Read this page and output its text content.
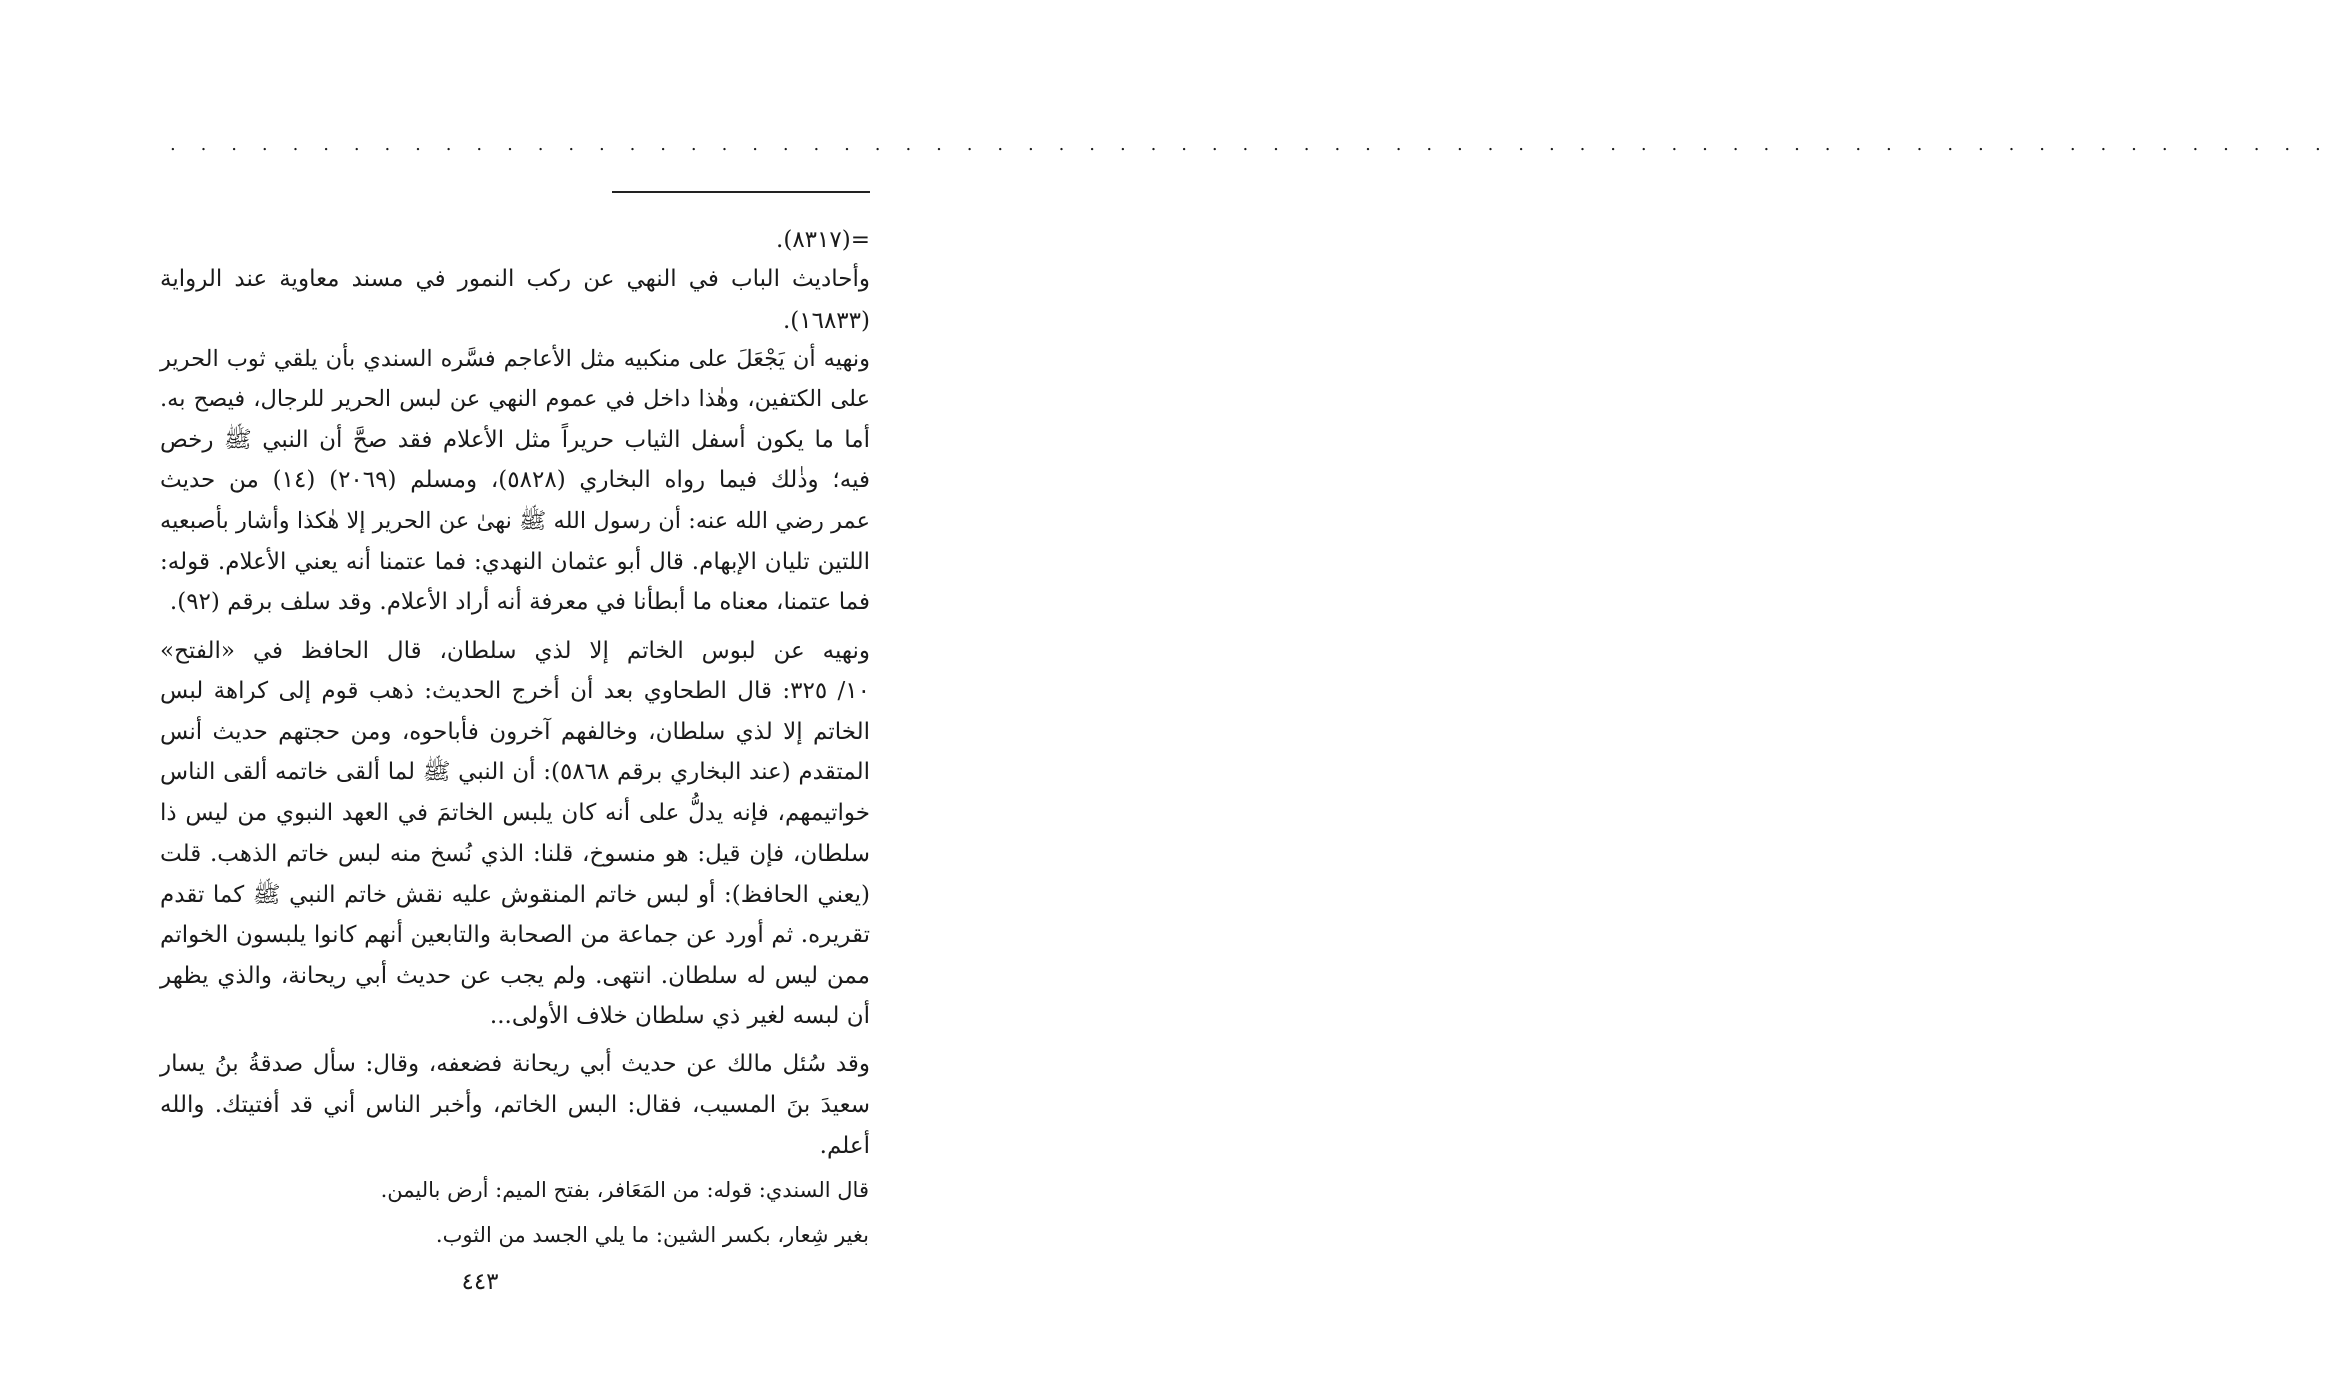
. . . . . . . . . . . . . . . . . . . . . . . . . . . . . . . . . . . . . . . . . . . . . . . . . . . . . . . . . . . . . . . . . . . . . . .
=(٨٣١٧).
وأحاديث الباب في النهي عن ركب النمور في مسند معاوية عند الرواية
(١٦٨٣٣).
ونهيه أن يَجْعَلَ على منكبيه مثل الأعاجم فسَّره السندي بأن يلقي ثوب الحرير
على الكتفين، وهٰذا داخل في عموم النهي عن لبس الحرير للرجال، فيصح به.
أما ما يكون أسفل الثياب حريراً مثل الأعلام فقد صحَّ أن النبي ﷺ رخص
فيه؛ وذٰلك فيما رواه البخاري (٥٨٢٨)، ومسلم (٢٠٦٩) (١٤) من حديث
عمر رضي الله عنه: أن رسول الله ﷺ نهىٰ عن الحرير إلا هٰكذا وأشار بأصبعيه
اللتين تليان الإبهام. قال أبو عثمان النهدي: فما عتمنا أنه يعني الأعلام. قوله:
فما عتمنا، معناه ما أبطأنا في معرفة أنه أراد الأعلام. وقد سلف برقم (٩٢).
ونهيه عن لبوس الخاتم إلا لذي سلطان، قال الحافظ في «الفتح»
١٠/ ٣٢٥: قال الطحاوي بعد أن أخرج الحديث: ذهب قوم إلى كراهة لبس
الخاتم إلا لذي سلطان، وخالفهم آخرون فأباحوه، ومن حجتهم حديث أنس
المتقدم (عند البخاري برقم ٥٨٦٨): أن النبي ﷺ لما ألقى خاتمه ألقى الناس
خواتيمهم، فإنه يدلُّ على أنه كان يلبس الخاتمَ في العهد النبوي من ليس ذا
سلطان، فإن قيل: هو منسوخ، قلنا: الذي نُسخ منه لبس خاتم الذهب. قلت
(يعني الحافظ): أو لبس خاتم المنقوش عليه نقش خاتم النبي ﷺ كما تقدم
تقريره. ثم أورد عن جماعة من الصحابة والتابعين أنهم كانوا يلبسون الخواتم
ممن ليس له سلطان. انتهى. ولم يجب عن حديث أبي ريحانة، والذي يظهر
أن لبسه لغير ذي سلطان خلاف الأولى...
وقد سُئل مالك عن حديث أبي ريحانة فضعفه، وقال: سأل صدقةُ بنُ يسار
سعيدَ بنَ المسيب، فقال: البس الخاتم، وأخبر الناس أني قد أفتيتك. والله
أعلم.
قال السندي: قوله: من المَعَافر، بفتح الميم: أرض باليمن.
بغير شِعار، بكسر الشين: ما يلي الجسد من الثوب.
٤٤٣
